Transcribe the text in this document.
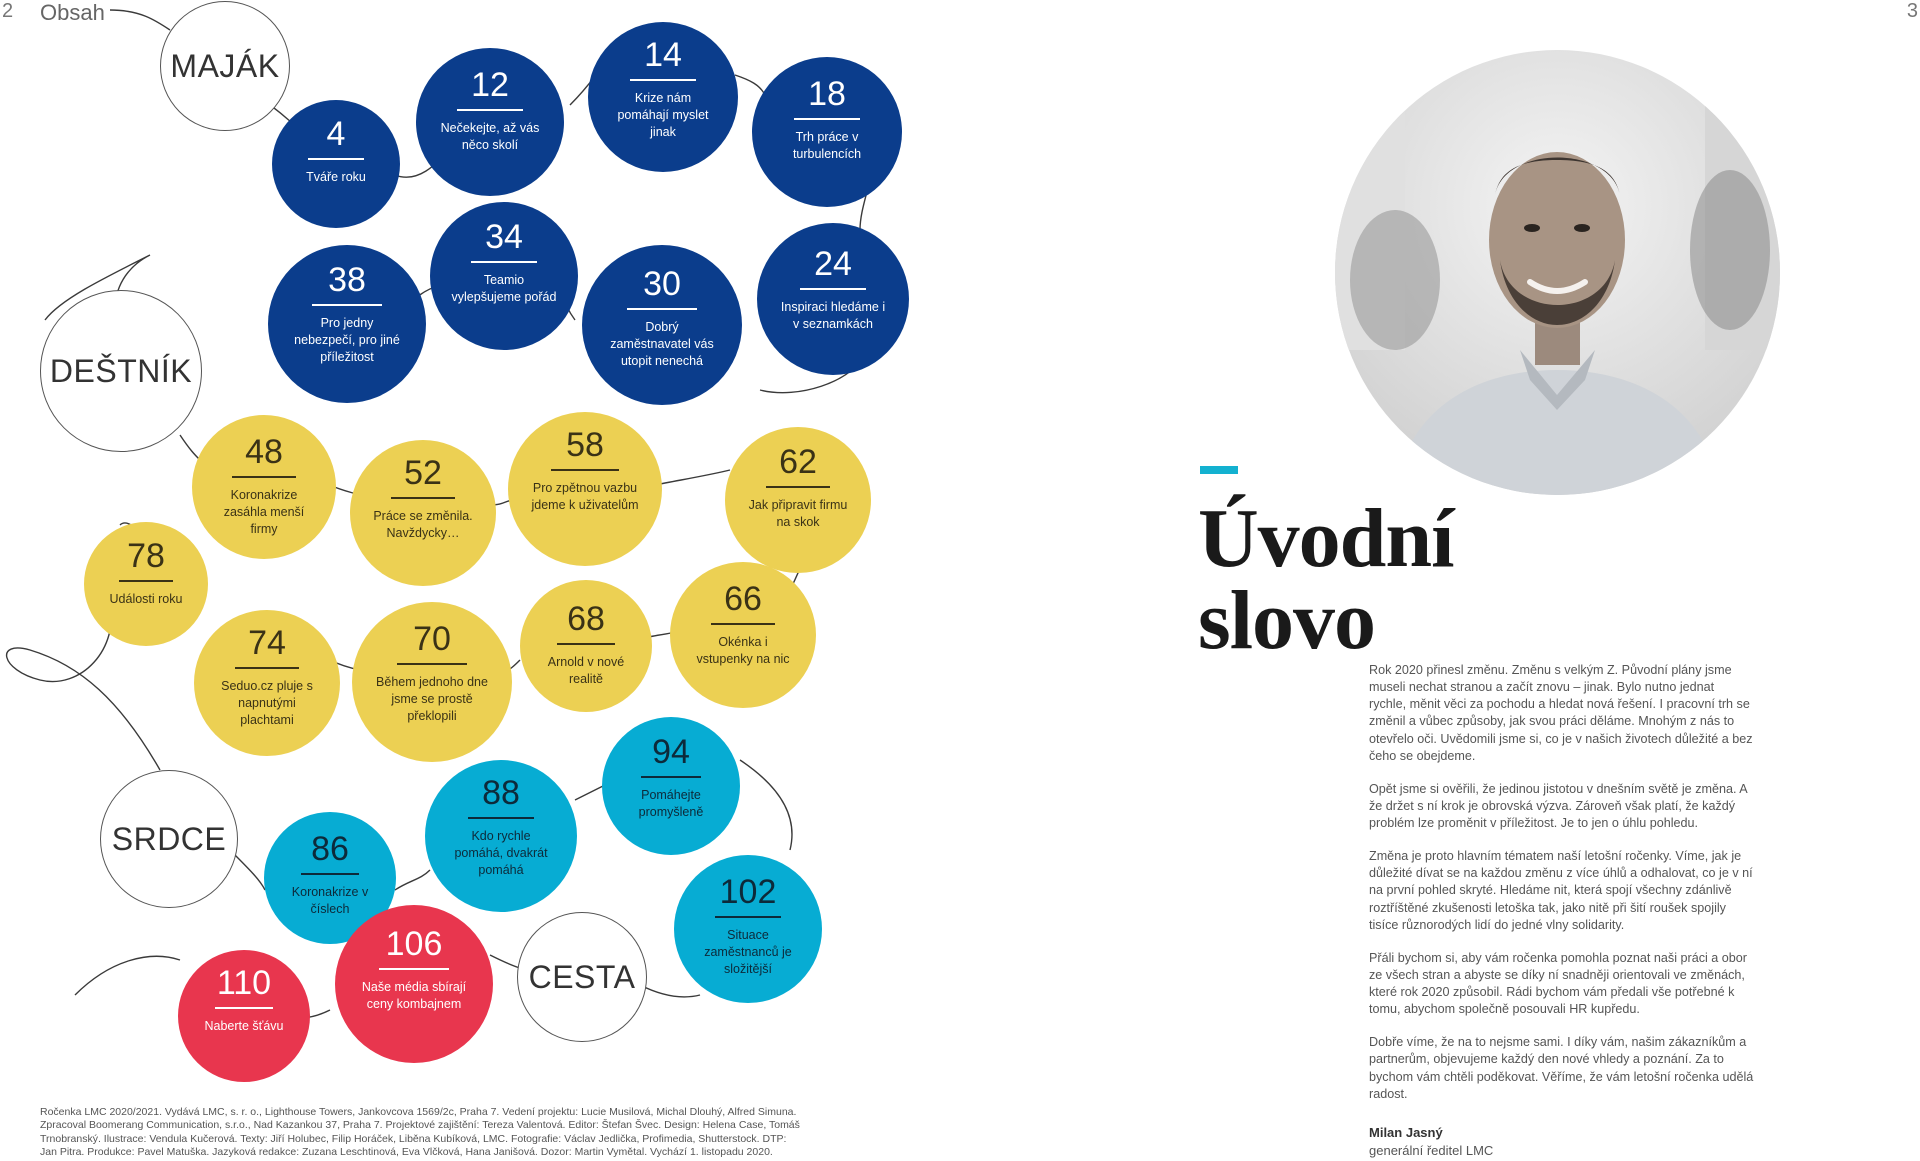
2	3
Obsah
MAJÁK
DEŠTNÍK
SRDCE
CESTA
4
Tváře roku
12
Nečekejte, až vás něco skolí
14
Krize nám pomáhají myslet jinak
18
Trh práce v turbulencích
24
Inspiraci hledáme i v seznamkách
30
Dobrý zaměstnavatel vás utopit nenechá
34
Teamio vylepšujeme pořád
38
Pro jedny nebezpečí, pro jiné příležitost
48
Koronakrize zasáhla menší firmy
52
Práce se změnila. Navždycky…
58
Pro zpětnou vazbu jdeme k uživatelům
62
Jak připravit firmu na skok
66
Okénka i vstupenky na nic
68
Arnold v nové realitě
70
Během jednoho dne jsme se prostě překlopili
74
Seduo.cz pluje s napnutými plachtami
78
Události roku
86
Koronakrize v číslech
88
Kdo rychle pomáhá, dvakrát pomáhá
94
Pomáhejte promyšleně
102
Situace zaměstnanců je složitější
106
Naše média sbírají ceny kombajnem
110
Naberte šťávu
Ročenka LMC 2020/2021. Vydává LMC, s. r. o., Lighthouse Towers, Jankovcova 1569/2c, Praha 7. Vedení projektu: Lucie Musilová, Michal Dlouhý, Alfred Simuna. Zpracoval Boomerang Communication, s.r.o., Nad Kazankou 37, Praha 7. Projektové zajištění: Tereza Valentová. Editor: Štefan Švec. Design: Helena Case, Tomáš Trnobranský. Ilustrace: Vendula Kučerová. Texty: Jiří Holubec, Filip Horáček, Liběna Kubíková, LMC. Fotografie: Václav Jedlička, Profimedia, Shutterstock. DTP: Jan Pitra. Produkce: Pavel Matuška. Jazyková redakce: Zuzana Leschtinová, Eva Vlčková, Hana Janišová. Dozor: Martin Vymětal. Vychází 1. listopadu 2020.
Úvodní
slovo

Rok 2020 přinesl změnu. Změnu s velkým Z. Původní plány jsme museli nechat stranou a začít znovu – jinak. Bylo nutno jednat rychle, měnit věci za pochodu a hledat nová řešení. I pracovní trh se změnil a vůbec způsoby, jak svou práci děláme. Mnohým z nás to otevřelo oči. Uvědomili jsme si, co je v našich životech důležité a bez čeho se obejdeme.

Opět jsme si ověřili, že jedinou jistotou v dnešním světě je změna. A že držet s ní krok je obrovská výzva. Zároveň však platí, že každý problém lze proměnit v příležitost. Je to jen o úhlu pohledu.

Změna je proto hlavním tématem naší letošní ročenky. Víme, jak je důležité dívat se na každou změnu z více úhlů a odhalovat, co je v ní na první pohled skryté. Hledáme nit, která spojí všechny zdánlivě roztříštěné zkušenosti letoška tak, jako nitě při šití roušek spojily tisíce různorodých lidí do jedné vlny solidarity.

Přáli bychom si, aby vám ročenka pomohla poznat naši práci a obor ze všech stran a abyste se díky ní snadněji orientovali ve změnách, které rok 2020 způsobil. Rádi bychom vám předali vše potřebné k tomu, abychom společně posouvali HR kupředu.

Dobře víme, že na to nejsme sami. I díky vám, našim zákazníkům a partnerům, objevujeme každý den nové vhledy a poznání. Za to bychom vám chtěli poděkovat. Věříme, že vám letošní ročenka udělá radost.

Milan Jasný
generální ředitel LMC
